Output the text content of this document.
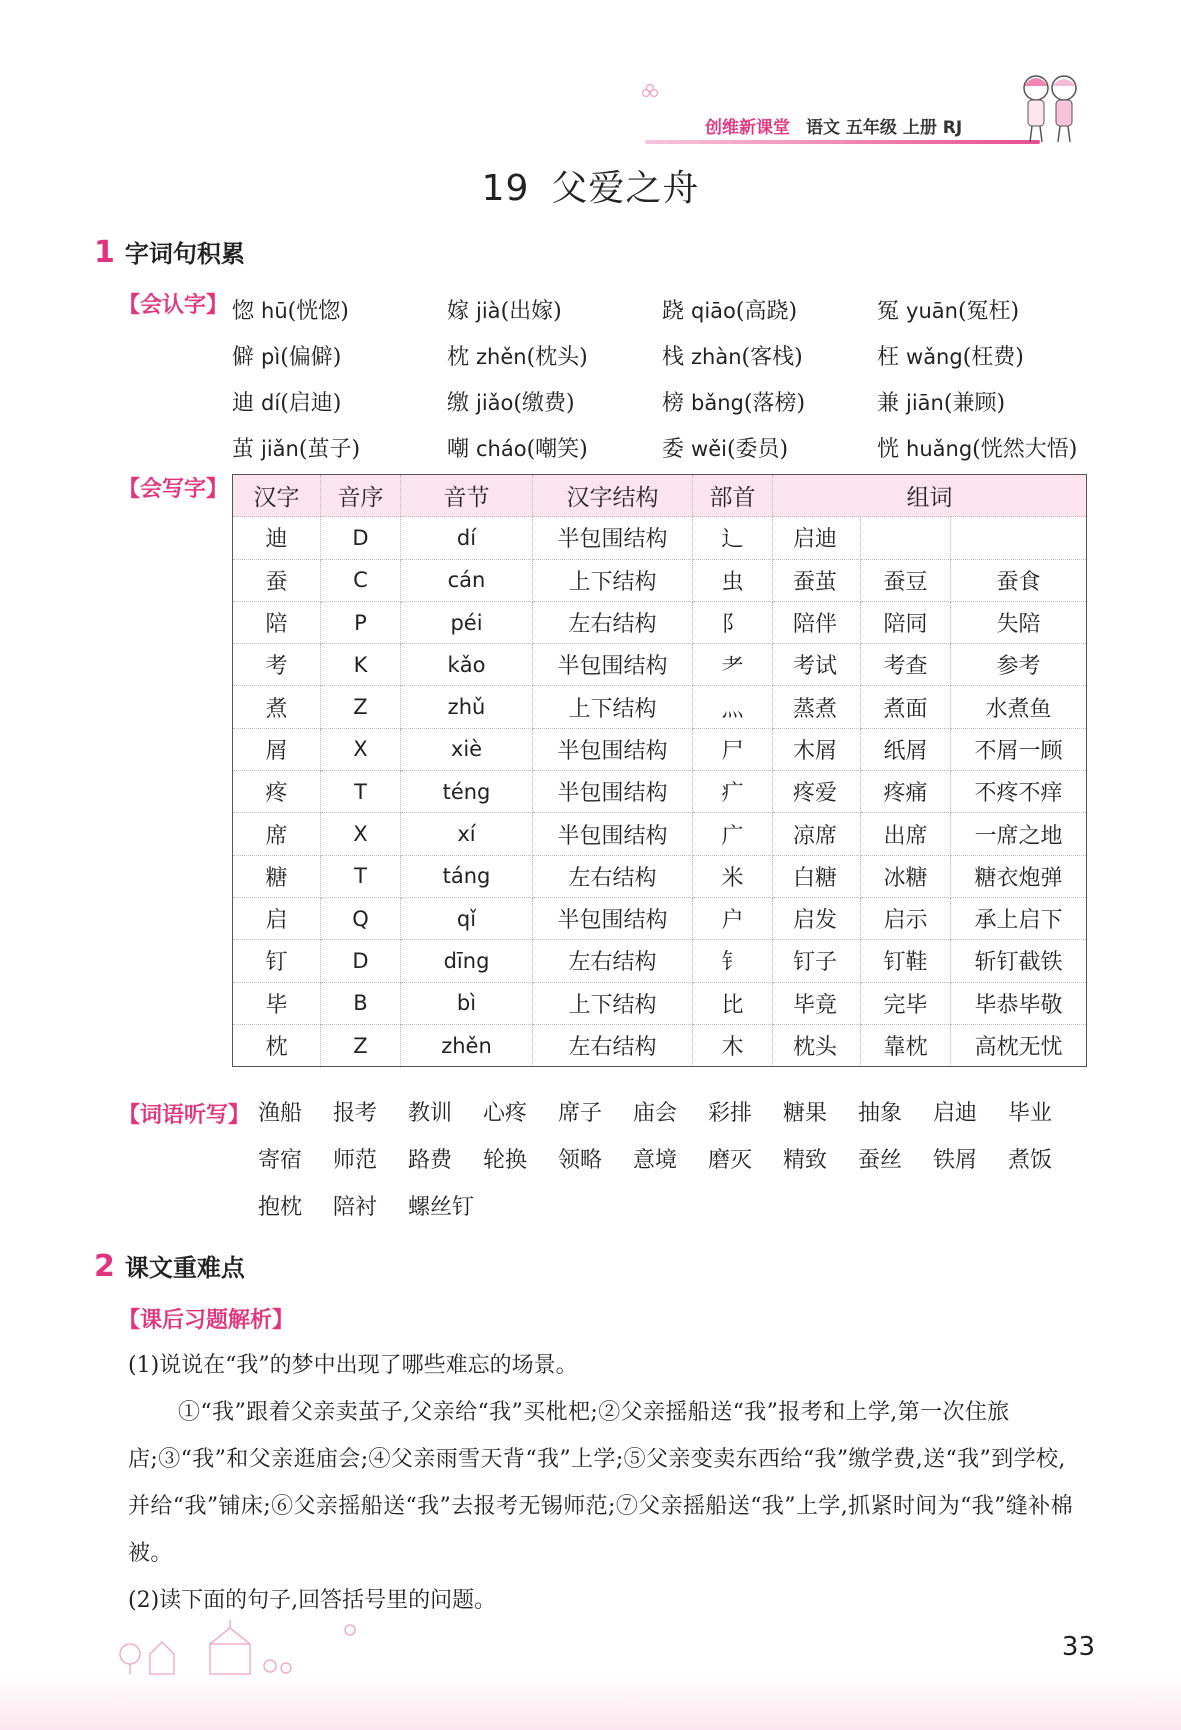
创维新课堂 语文 五年级 上册 RJ
19 父爱之舟
1 字词句积累
【会认字】 惚 hū(恍惚)	嫁 jià(出嫁)	跷 qiāo(高跷)	冤 yuān(冤枉)
僻 pì(偏僻)	枕 zhěn(枕头)	栈 zhàn(客栈)	枉 wǎng(枉费)
迪 dí(启迪)	缴 jiǎo(缴费)	榜 bǎng(落榜)	兼 jiān(兼顾)
茧 jiǎn(茧子)	嘲 cháo(嘲笑)	委 wěi(委员)	恍 huǎng(恍然大悟)
【会写字】 汉字	音序	音节	汉字结构	部首	组词		
迪	D	dí	半包围结构	辶	启迪		
蚕	C	cán	上下结构	虫	蚕茧	蚕豆	蚕食
陪	P	péi	左右结构	阝	陪伴	陪同	失陪
考	K	kǎo	半包围结构	耂	考试	考查	参考
煮	Z	zhǔ	上下结构	灬	蒸煮	煮面	水煮鱼
屑	X	xiè	半包围结构	尸	木屑	纸屑	不屑一顾
疼	T	téng	半包围结构	疒	疼爱	疼痛	不疼不痒
席	X	xí	半包围结构	广	凉席	出席	一席之地
糖	T	táng	左右结构	米	白糖	冰糖	糖衣炮弹
启	Q	qǐ	半包围结构	户	启发	启示	承上启下
钉	D	dīng	左右结构	钅	钉子	钉鞋	斩钉截铁
毕	B	bì	上下结构	比	毕竟	完毕	毕恭毕敬
枕	Z	zhěn	左右结构	木	枕头	靠枕	高枕无忧
【词语听写】 渔船	报考	教训	心疼	席子	庙会	彩排	糖果	抽象	启迪	毕业
寄宿	师范	路费	轮换	领略	意境	磨灭	精致	蚕丝	铁屑	煮饭
抱枕	陪衬	螺丝钉
2 课文重难点
【课后习题解析】
(1)说说在“我”的梦中出现了哪些难忘的场景。
①“我”跟着父亲卖茧子,父亲给“我”买枇杷;②父亲摇船送“我”报考和上学,第一次住旅店;③“我”和父亲逛庙会;④父亲雨雪天背“我”上学;⑤父亲变卖东西给“我”缴学费,送“我”到学校,并给“我”铺床;⑥父亲摇船送“我”去报考无锡师范;⑦父亲摇船送“我”上学,抓紧时间为“我”缝补棉被。
(2)读下面的句子,回答括号里的问题。
33
